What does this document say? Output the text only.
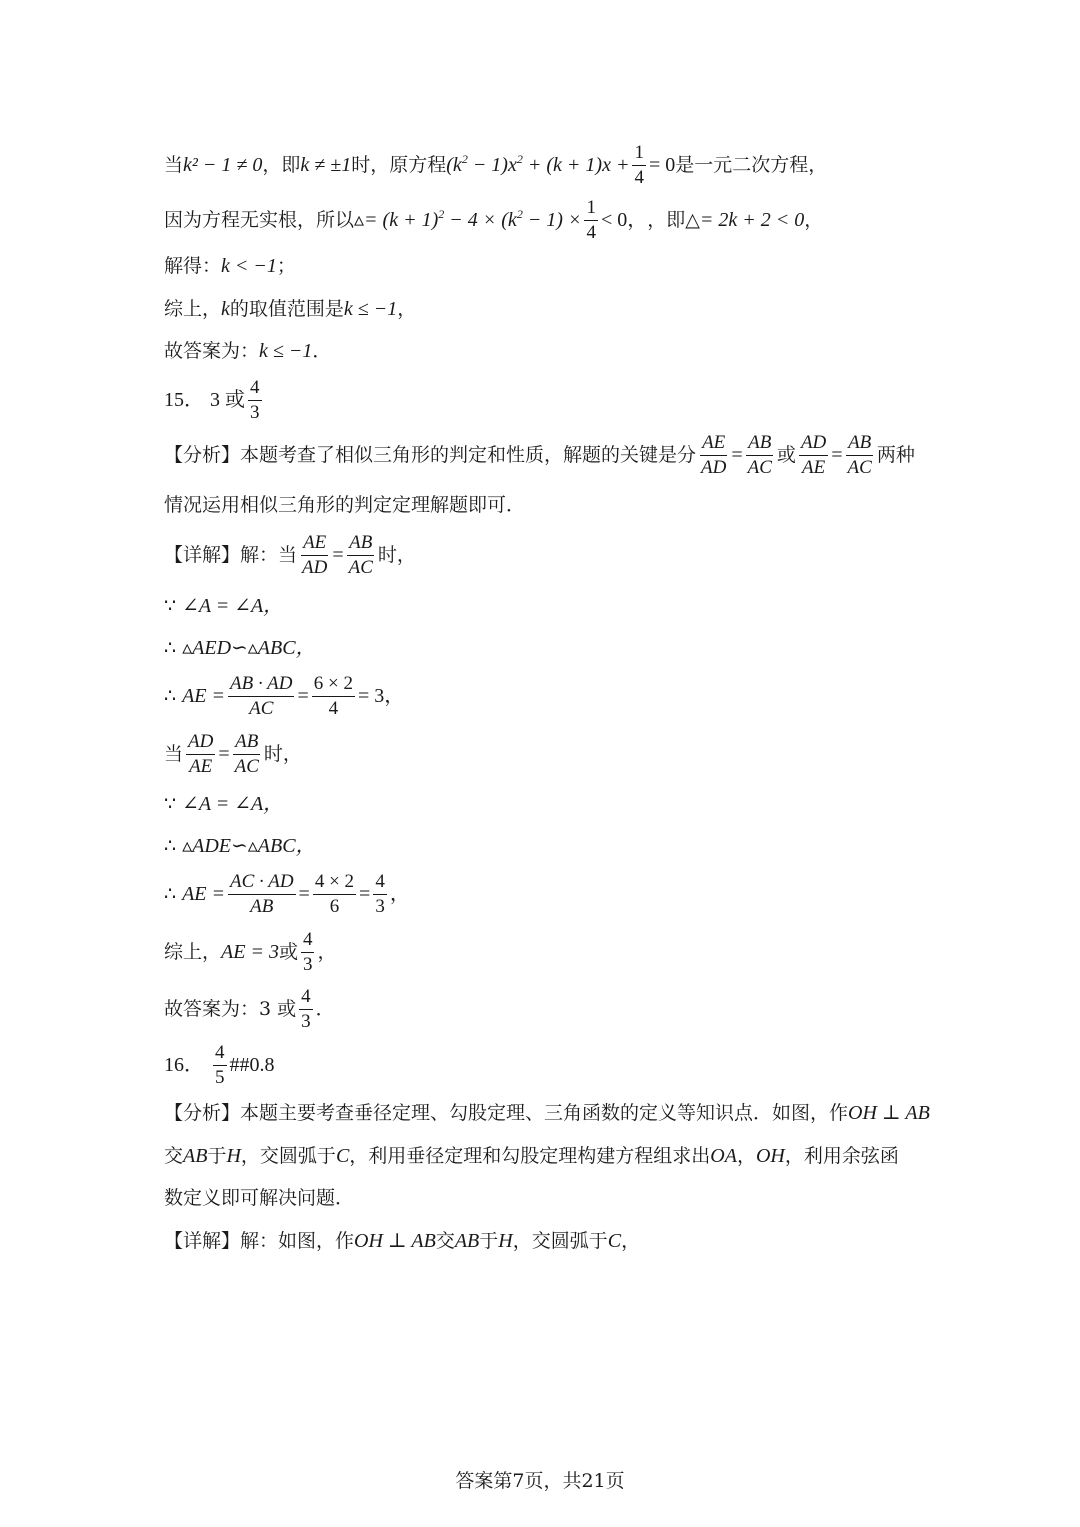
当 k² − 1 ≠ 0 ，即 k ≠ ±1 时，原方程 $(k^2 - 1)x^2 + (k + 1)x + \frac{1}{4} = 0$ 是一元二次方程，
因为方程无实根，所以 ▵= $(k + 1)^2 - 4 \times (k^2 - 1) \times \frac{1}{4} < 0$， ，即△ = 2k + 2 < 0 ，
解得： k < −1 ；
综上， k 的取值范围是 k ≤ −1 ，
故答案为： k ≤ −1 ．
15． 3 或 $\frac{4}{3}$
【分析】 本题考查了相似三角形的判定和性质，解题的关键是分 $\frac{AE}{AD} = \frac{AB}{AC}$ 或 $\frac{AD}{AE} = \frac{AB}{AC}$ 两种
情况运用相似三角形的判定定理解题即可．
【详解】 解：当 $\frac{AE}{AD} = \frac{AB}{AC}$ 时，
∵ ∠A = ∠A，
∴ ▵AED∽▵ABC，
∴ AE = $\frac{AB \cdot AD}{AC} = \frac{6 \times 2}{4} = 3$，
当 $\frac{AD}{AE} = \frac{AB}{AC}$ 时，
∵ ∠A = ∠A，
∴ ▵ADE∽▵ABC，
∴ AE = $\frac{AC \cdot AD}{AB} = \frac{4 \times 2}{6} = \frac{4}{3}$ ，
综上， AE = 3 或 $\frac{4}{3}$ ，
故答案为：3 或 $\frac{4}{3}$ ．
16． $\frac{4}{5}$ ##0.8
【分析】 本题主要考查垂径定理、勾股定理、三角函数的定义等知识点．如图，作 OH ⊥ AB
交 AB 于 H ，交圆弧于 C ，利用垂径定理和勾股定理构建方程组求出 OA ， OH ，利用余弦函
数定义即可解决问题．
【详解】 解：如图，作 OH ⊥ AB 交 AB 于 H ，交圆弧于 C ，
答案第7页，共21页
